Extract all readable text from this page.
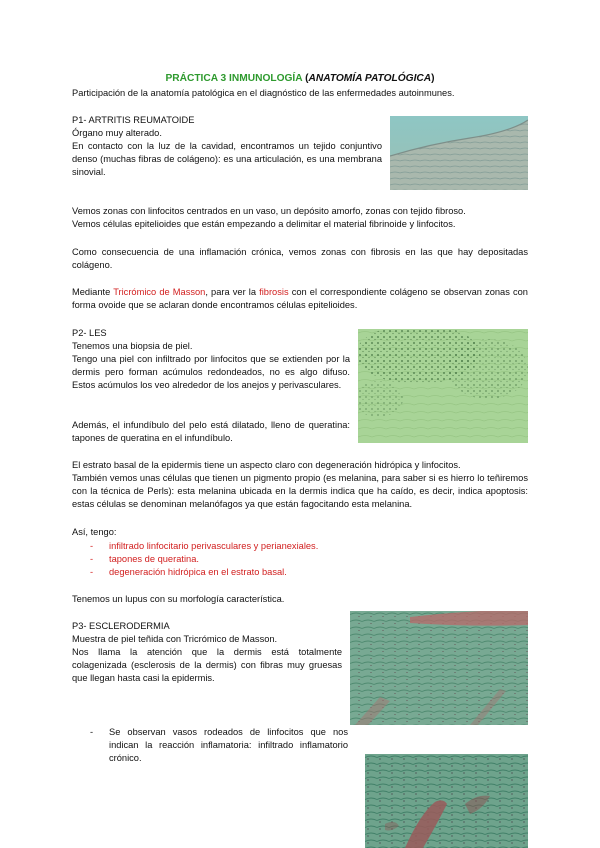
PRÁCTICA 3 INMUNOLOGÍA (ANATOMÍA PATOLÓGICA)

Participación de la anatomía patológica en el diagnóstico de las enfermedades autoinmunes.

P1- ARTRITIS REUMATOIDE

Órgano muy alterado.

En contacto con la luz de la cavidad, encontramos un tejido conjuntivo denso (muchas fibras de colágeno): es una articulación, es una membrana sinovial.

Vemos zonas con linfocitos centrados en un vaso, un depósito amorfo, zonas con tejido fibroso.

Vemos células epitelioides que están empezando a delimitar el material fibrinoide y linfocitos.

Como consecuencia de una inflamación crónica, vemos zonas con fibrosis en las que hay depositadas colágeno.

Mediante Tricrómico de Masson, para ver la fibrosis con el correspondiente colágeno se observan zonas con forma ovoide que se aclaran donde encontramos células epitelioides.

P2- LES

Tenemos una biopsia de piel.

Tengo una piel con infiltrado por linfocitos que se extienden por la dermis pero forman acúmulos redondeados, no es algo difuso. Estos acúmulos los veo alrededor de los anejos y perivasculares.

Además, el infundíbulo del pelo está dilatado, lleno de queratina: tapones de queratina en el infundíbulo.

El estrato basal de la epidermis tiene un aspecto claro con degeneración hidrópica y linfocitos.

También vemos unas células que tienen un pigmento propio (es melanina, para saber si es hierro lo teñiremos con la técnica de Perls): esta melanina ubicada en la dermis indica que ha caído, es decir, indica apoptosis: estas células se denominan melanófagos ya que están fagocitando esta melanina.

Así, tengo:

- infiltrado linfocitario perivasculares y perianexiales.
- tapones de queratina.
- degeneración hidrópica en el estrato basal.

Tenemos un lupus con su morfología característica.

P3- ESCLERODERMIA

Muestra de piel teñida con Tricrómico de Masson.

Nos llama la atención que la dermis está totalmente colagenizada (esclerosis de la dermis) con fibras muy gruesas que llegan hasta casi la epidermis.

- Se observan vasos rodeados de linfocitos que nos indican la reacción inflamatoria: infiltrado inflamatorio crónico.
